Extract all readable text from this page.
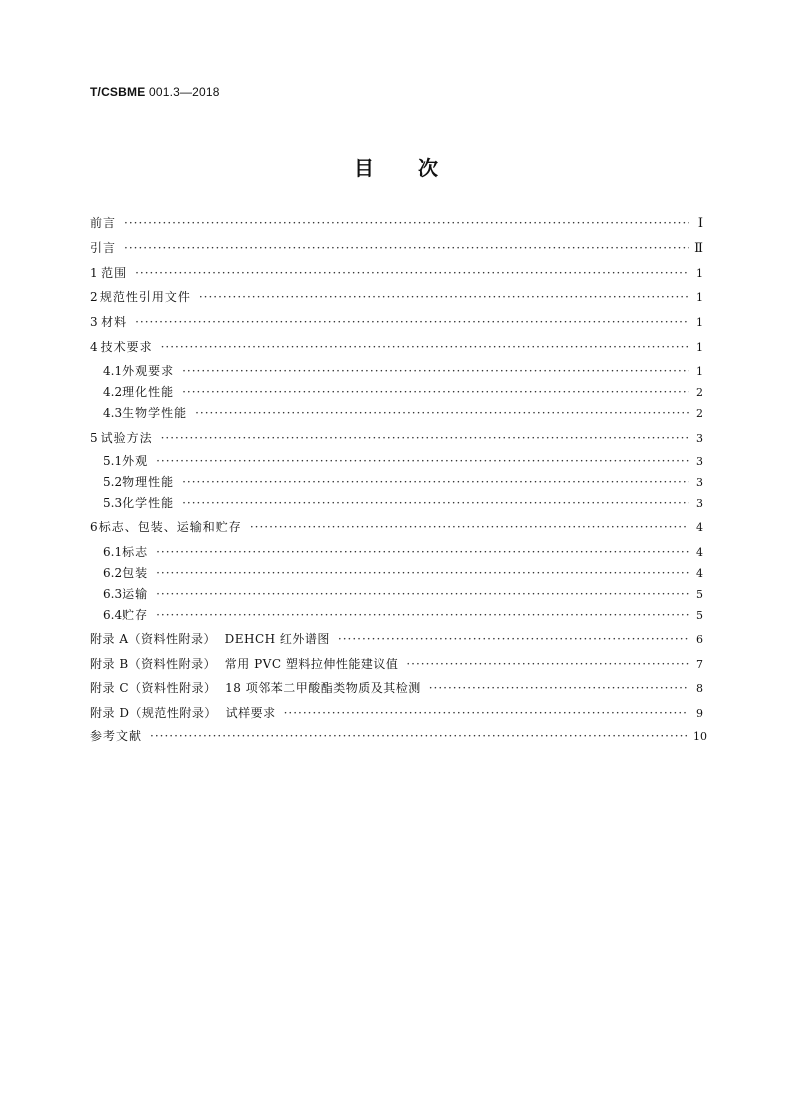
T/CSBME 001.3—2018
目 次
前言 ·····	Ⅰ
引言 ·····	Ⅱ
1 范围 ·····	1
2 规范性引用文件 ·····	1
3 材料 ·····	1
4 技术要求 ·····	1
4.1 外观要求 ·····	1
4.2 理化性能 ·····	2
4.3 生物学性能 ·····	2
5 试验方法 ·····	3
5.1 外观 ·····	3
5.2 物理性能 ·····	3
5.3 化学性能 ·····	3
6 标志、包装、运输和贮存 ·····	4
6.1 标志 ·····	4
6.2 包装 ·····	4
6.3 运输 ·····	5
6.4 贮存 ·····	5
附录 A（资料性附录）  DEHCH 红外谱图 ·····	6
附录 B（资料性附录）  常用 PVC 塑料拉伸性能建议值 ·····	7
附录 C（资料性附录）  18 项邻苯二甲酸酯类物质及其检测 ·····	8
附录 D（规范性附录）  试样要求 ·····	9
参考文献 ·····	10
